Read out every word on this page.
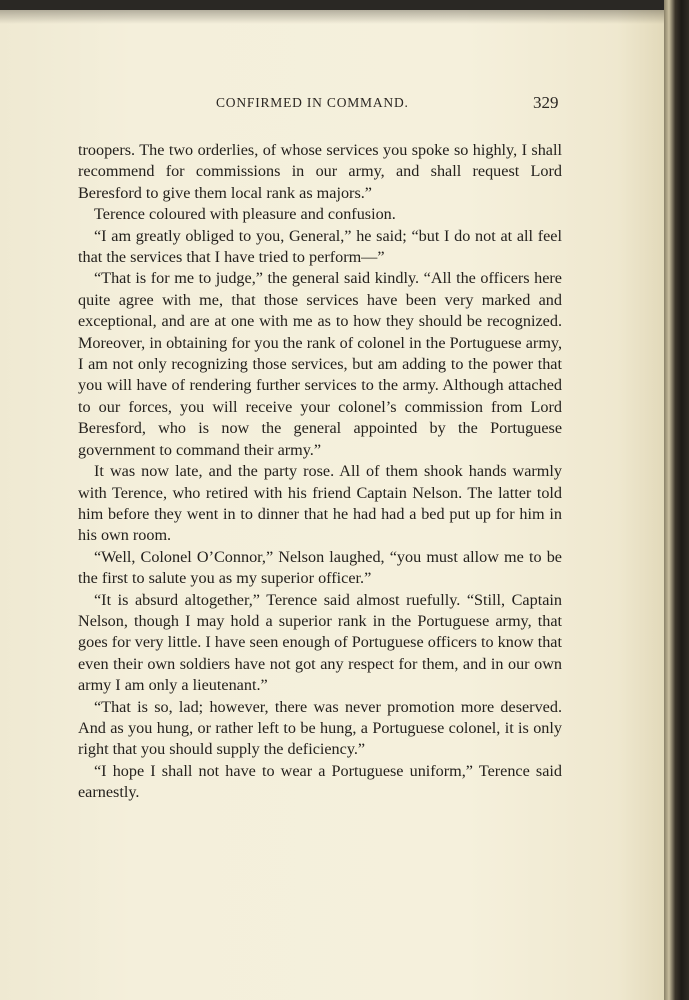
CONFIRMED IN COMMAND.	329

troopers. The two orderlies, of whose services you spoke so highly, I shall recommend for commissions in our army, and shall request Lord Beresford to give them local rank as majors.”

Terence coloured with pleasure and confusion.

“I am greatly obliged to you, General,” he said; “but I do not at all feel that the services that I have tried to perform—”

“That is for me to judge,” the general said kindly. “All the officers here quite agree with me, that those services have been very marked and exceptional, and are at one with me as to how they should be recognized. Moreover, in obtaining for you the rank of colonel in the Portuguese army, I am not only recognizing those services, but am adding to the power that you will have of rendering further services to the army. Although attached to our forces, you will receive your colonel’s commission from Lord Beresford, who is now the general appointed by the Portuguese government to command their army.”

It was now late, and the party rose. All of them shook hands warmly with Terence, who retired with his friend Captain Nelson. The latter told him before they went in to dinner that he had had a bed put up for him in his own room.

“Well, Colonel O’Connor,” Nelson laughed, “you must allow me to be the first to salute you as my superior officer.”

“It is absurd altogether,” Terence said almost ruefully. “Still, Captain Nelson, though I may hold a superior rank in the Portuguese army, that goes for very little. I have seen enough of Portuguese officers to know that even their own soldiers have not got any respect for them, and in our own army I am only a lieutenant.”

“That is so, lad; however, there was never promotion more deserved. And as you hung, or rather left to be hung, a Portuguese colonel, it is only right that you should supply the deficiency.”

“I hope I shall not have to wear a Portuguese uniform,” Terence said earnestly.
